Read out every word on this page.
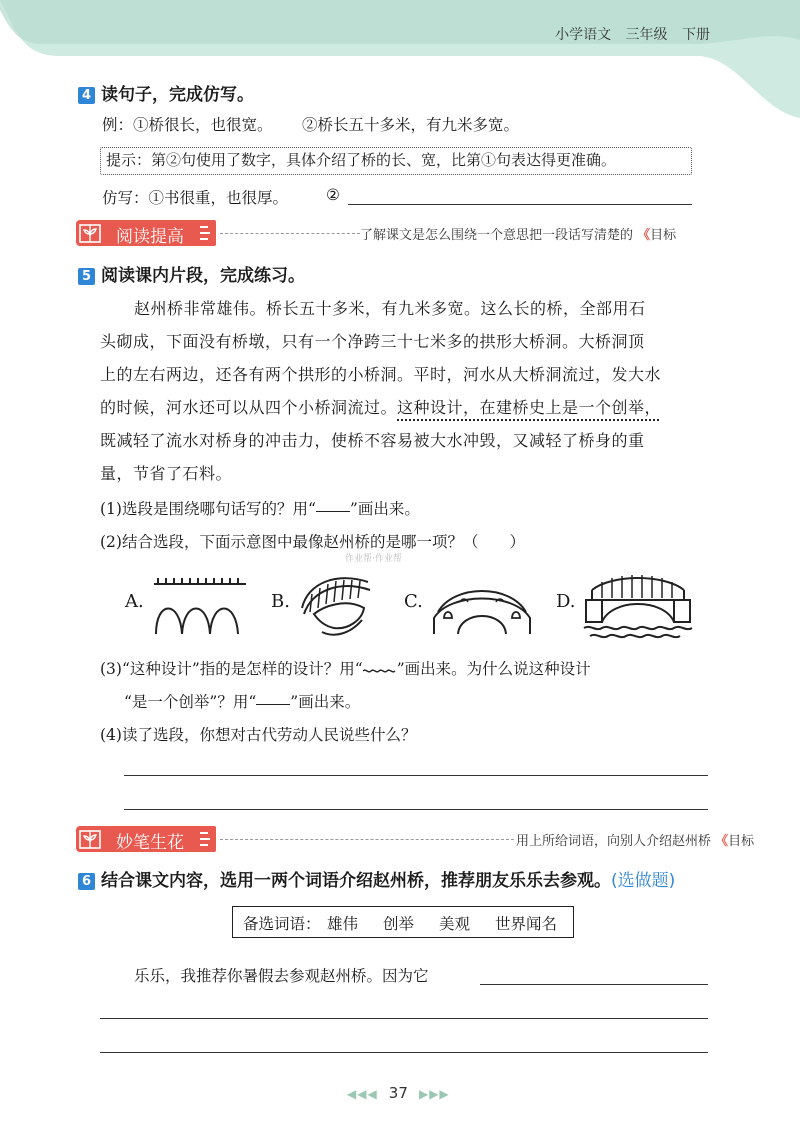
小学语文 三年级 下册
4 读句子，完成仿写。
例：①桥很长，也很宽。 ②桥长五十多米，有九米多宽。
提示：第②句使用了数字，具体介绍了桥的长、宽，比第①句表达得更准确。
仿写：①书很重，也很厚。 ②
阅读提高	了解课文是怎么围绕一个意思把一段话写清楚的 《目标
5 阅读课内片段，完成练习。
赵州桥非常雄伟。桥长五十多米，有九米多宽。这么长的桥，全部用石
头砌成，下面没有桥墩，只有一个净跨三十七米多的拱形大桥洞。大桥洞顶
上的左右两边，还各有两个拱形的小桥洞。平时，河水从大桥洞流过，发大水
的时候，河水还可以从四个小桥洞流过。这种设计，在建桥史上是一个创举，
既减轻了流水对桥身的冲击力，使桥不容易被大水冲毁，又减轻了桥身的重
量，节省了石料。
(1)选段是围绕哪句话写的？用“ ”画出来。
(2)结合选段，下面示意图中最像赵州桥的是哪一项？（　　）
作业帮·作业帮
A.	B.	C.	D.
(3)“这种设计”指的是怎样的设计？用“ ”画出来。为什么说这种设计
“是一个创举”？用“ ”画出来。
(4)读了选段，你想对古代劳动人民说些什么？
妙笔生花	用上所给词语，向别人介绍赵州桥 《目标
6 结合课文内容，选用一两个词语介绍赵州桥，推荐朋友乐乐去参观。(选做题)
备选词语： 雄伟 创举 美观 世界闻名
乐乐，我推荐你暑假去参观赵州桥。因为它
◀◀◀ 37 ▶▶▶
